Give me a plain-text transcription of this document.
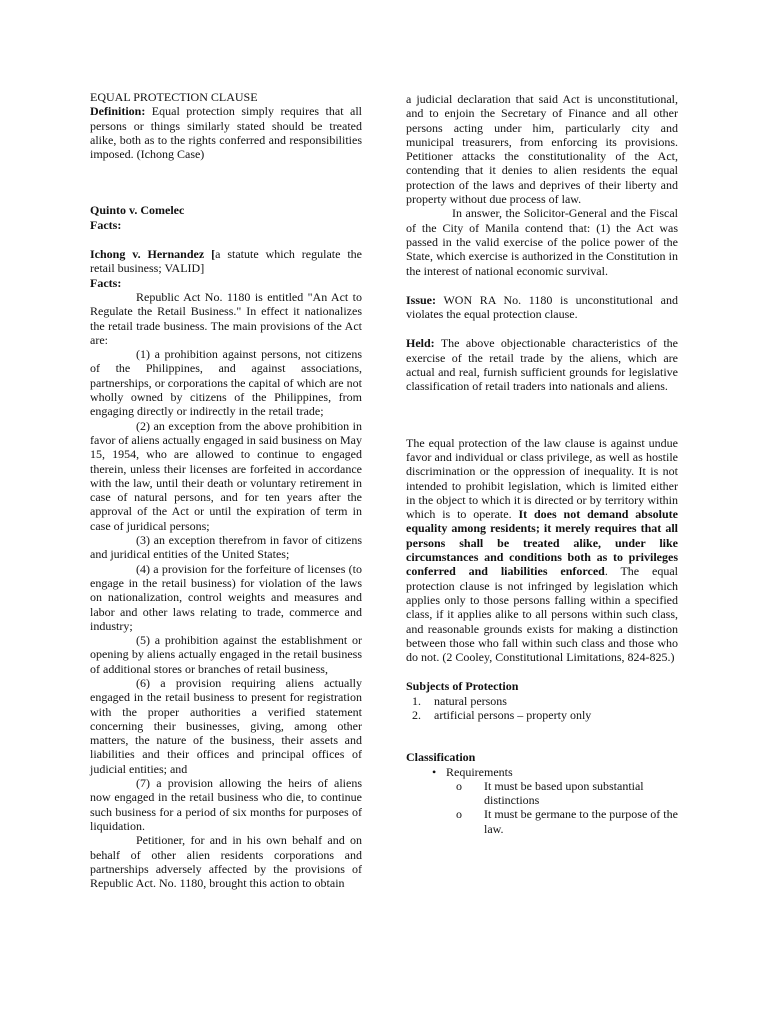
EQUAL PROTECTION CLAUSE

Definition: Equal protection simply requires that all persons or things similarly stated should be treated alike, both as to the rights conferred and responsibilities imposed. (Ichong Case)

Quinto v. Comelec

Facts:

Ichong v. Hernandez [a statute which regulate the retail business; VALID]

Facts:

Republic Act No. 1180 is entitled "An Act to Regulate the Retail Business." In effect it nationalizes the retail trade business. The main provisions of the Act are:

(1) a prohibition against persons, not citizens of the Philippines, and against associations, partnerships, or corporations the capital of which are not wholly owned by citizens of the Philippines, from engaging directly or indirectly in the retail trade;

(2) an exception from the above prohibition in favor of aliens actually engaged in said business on May 15, 1954, who are allowed to continue to engaged therein, unless their licenses are forfeited in accordance with the law, until their death or voluntary retirement in case of natural persons, and for ten years after the approval of the Act or until the expiration of term in case of juridical persons;

(3) an exception therefrom in favor of citizens and juridical entities of the United States;

(4) a provision for the forfeiture of licenses (to engage in the retail business) for violation of the laws on nationalization, control weights and measures and labor and other laws relating to trade, commerce and industry;

(5) a prohibition against the establishment or opening by aliens actually engaged in the retail business of additional stores or branches of retail business,

(6) a provision requiring aliens actually engaged in the retail business to present for registration with the proper authorities a verified statement concerning their businesses, giving, among other matters, the nature of the business, their assets and liabilities and their offices and principal offices of judicial entities; and

(7) a provision allowing the heirs of aliens now engaged in the retail business who die, to continue such business for a period of six months for purposes of liquidation.

Petitioner, for and in his own behalf and on behalf of other alien residents corporations and partnerships adversely affected by the provisions of Republic Act. No. 1180, brought this action to obtain

a judicial declaration that said Act is unconstitutional, and to enjoin the Secretary of Finance and all other persons acting under him, particularly city and municipal treasurers, from enforcing its provisions. Petitioner attacks the constitutionality of the Act, contending that it denies to alien residents the equal protection of the laws and deprives of their liberty and property without due process of law.

In answer, the Solicitor-General and the Fiscal of the City of Manila contend that: (1) the Act was passed in the valid exercise of the police power of the State, which exercise is authorized in the Constitution in the interest of national economic survival.

Issue: WON RA No. 1180 is unconstitutional and violates the equal protection clause.

Held: The above objectionable characteristics of the exercise of the retail trade by the aliens, which are actual and real, furnish sufficient grounds for legislative classification of retail traders into nationals and aliens.

The equal protection of the law clause is against undue favor and individual or class privilege, as well as hostile discrimination or the oppression of inequality. It is not intended to prohibit legislation, which is limited either in the object to which it is directed or by territory within which is to operate. It does not demand absolute equality among residents; it merely requires that all persons shall be treated alike, under like circumstances and conditions both as to privileges conferred and liabilities enforced. The equal protection clause is not infringed by legislation which applies only to those persons falling within a specified class, if it applies alike to all persons within such class, and reasonable grounds exists for making a distinction between those who fall within such class and those who do not. (2 Cooley, Constitutional Limitations, 824-825.)

Subjects of Protection

1. natural persons
2. artificial persons – property only

Classification

• Requirements
o It must be based upon substantial distinctions
o It must be germane to the purpose of the law.
